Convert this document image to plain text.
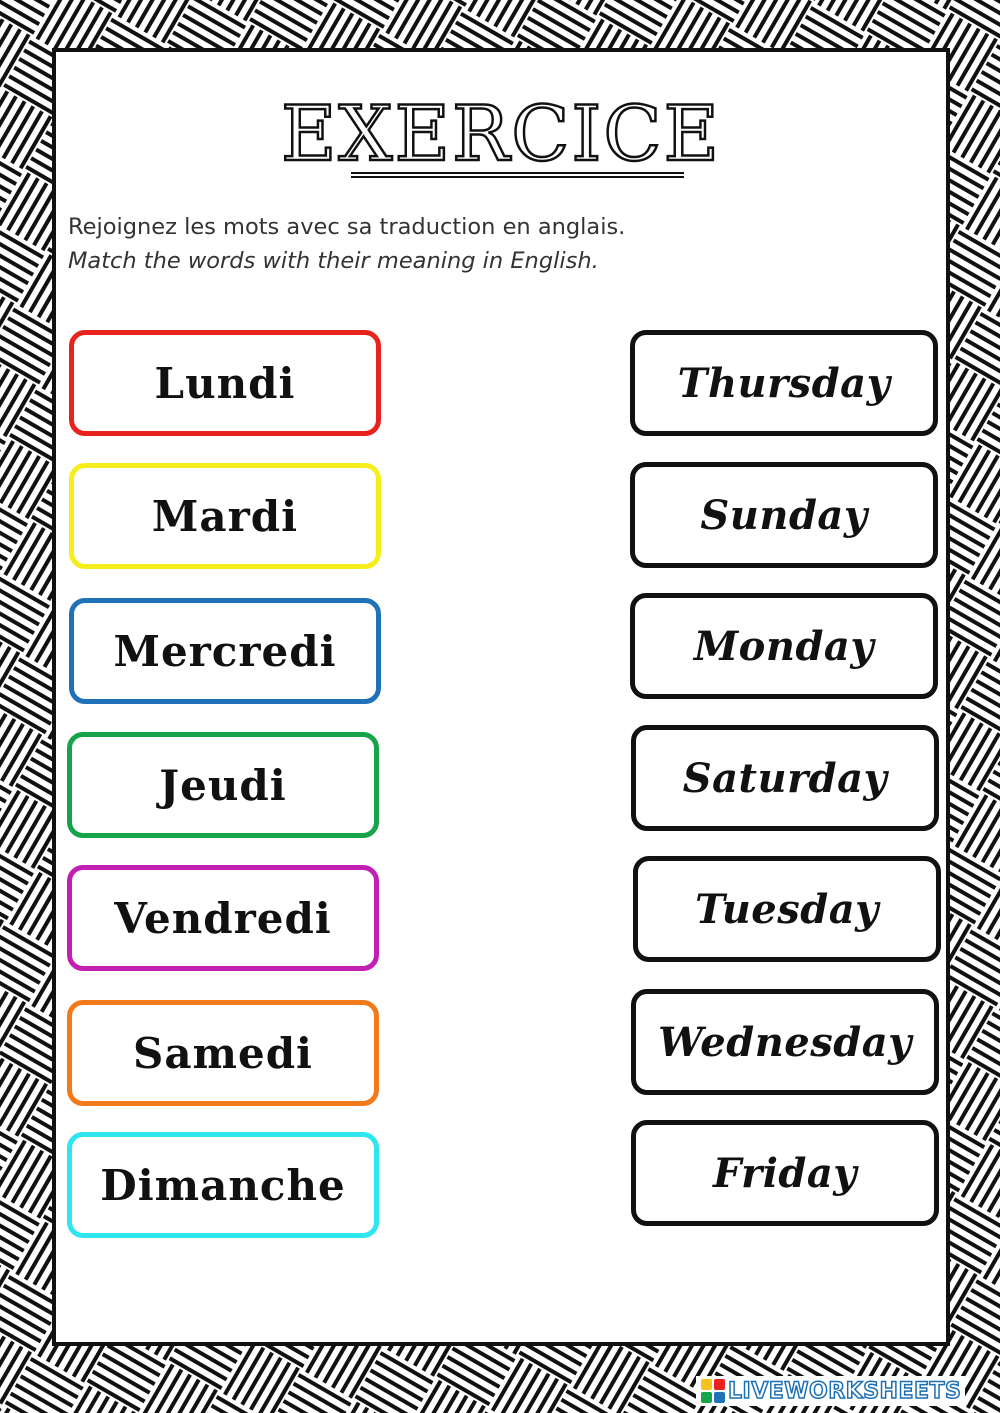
EXERCICE
Rejoignez les mots avec sa traduction en anglais.
Match the words with their meaning in English.
Lundi
Mardi
Mercredi
Jeudi
Vendredi
Samedi
Dimanche
Thursday
Sunday
Monday
Saturday
Tuesday
Wednesday
Friday
LIVEWORKSHEETS
